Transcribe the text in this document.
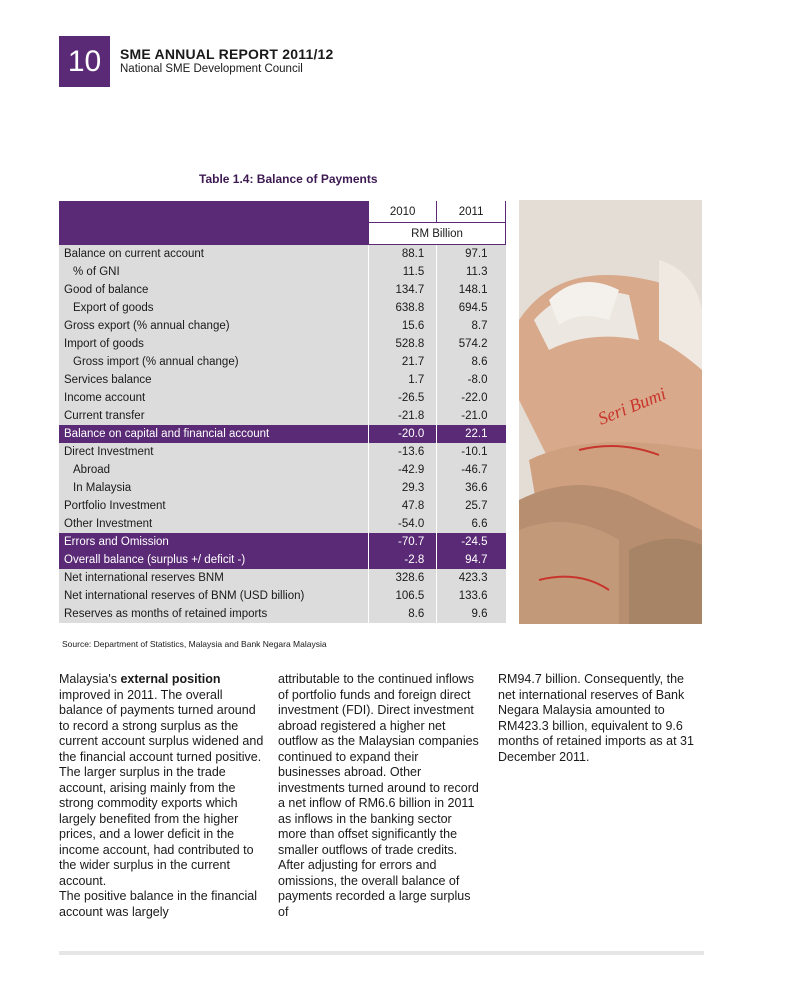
10	SME ANNUAL REPORT 2011/12
National SME Development Council
Table 1.4: Balance of Payments
	2010	2011
	RM Billion	
Balance on current account	88.1	97.1
% of GNI	11.5	11.3
Good of balance	134.7	148.1
Export of goods	638.8	694.5
Gross export (% annual change)	15.6	8.7
Import of goods	528.8	574.2
Gross import (% annual change)	21.7	8.6
Services balance	1.7	-8.0
Income account	-26.5	-22.0
Current transfer	-21.8	-21.0
Balance on capital and financial account	-20.0	22.1
Direct Investment	-13.6	-10.1
Abroad	-42.9	-46.7
In Malaysia	29.3	36.6
Portfolio Investment	47.8	25.7
Other Investment	-54.0	6.6
Errors and Omission	-70.7	-24.5
Overall balance (surplus +/ deficit -)	-2.8	94.7
Net international reserves BNM	328.6	423.3
Net international reserves of BNM (USD billion)	106.5	133.6
Reserves as months of retained imports	8.6	9.6
Seri Bumi
Source: Department of Statistics, Malaysia and Bank Negara Malaysia

Malaysia's external position improved in 2011. The overall balance of payments turned around to record a strong surplus as the current account surplus widened and the financial account turned positive. The larger surplus in the trade account, arising mainly from the strong commodity exports which largely benefited from the higher prices, and a lower deficit in the income account, had contributed to the wider surplus in the current account.

The positive balance in the financial account was largely

attributable to the continued inflows of portfolio funds and foreign direct investment (FDI). Direct investment abroad registered a higher net outflow as the Malaysian companies continued to expand their businesses abroad. Other investments turned around to record a net inflow of RM6.6 billion in 2011 as inflows in the banking sector more than offset significantly the smaller outflows of trade credits. After adjusting for errors and omissions, the overall balance of payments recorded a large surplus of

RM94.7 billion. Consequently, the net international reserves of Bank Negara Malaysia amounted to RM423.3 billion, equivalent to 9.6 months of retained imports as at 31 December 2011.
